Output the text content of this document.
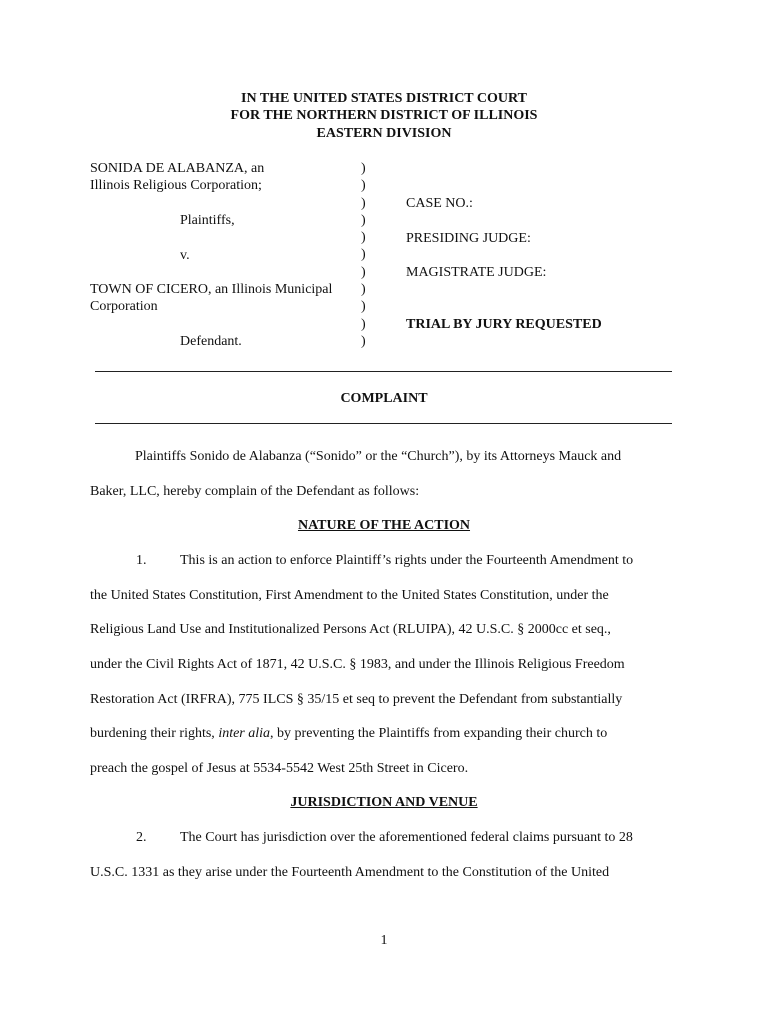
IN THE UNITED STATES DISTRICT COURT
FOR THE NORTHERN DISTRICT OF ILLINOIS
EASTERN DIVISION
SONIDA DE ALABANZA, an
Illinois Religious Corporation;
Plaintiffs,
v.
TOWN OF CICERO, an Illinois Municipal
Corporation
Defendant.
)
)
)
)
)
)
)
)
)
)
)
CASE NO.:
PRESIDING JUDGE:
MAGISTRATE JUDGE:
TRIAL BY JURY REQUESTED
COMPLAINT
Plaintiffs Sonido de Alabanza (“Sonido” or the “Church”), by its Attorneys Mauck and
Baker, LLC, hereby complain of the Defendant as follows:
NATURE OF THE ACTION
1. This is an action to enforce Plaintiff’s rights under the Fourteenth Amendment to
the United States Constitution, First Amendment to the United States Constitution, under the
Religious Land Use and Institutionalized Persons Act (RLUIPA), 42 U.S.C. § 2000cc et seq.,
under the Civil Rights Act of 1871, 42 U.S.C. § 1983, and under the Illinois Religious Freedom
Restoration Act (IRFRA), 775 ILCS § 35/15 et seq to prevent the Defendant from substantially
burdening their rights, inter alia, by preventing the Plaintiffs from expanding their church to
preach the gospel of Jesus at 5534-5542 West 25th Street in Cicero.
JURISDICTION AND VENUE
2. The Court has jurisdiction over the aforementioned federal claims pursuant to 28
U.S.C. 1331 as they arise under the Fourteenth Amendment to the Constitution of the United
1
